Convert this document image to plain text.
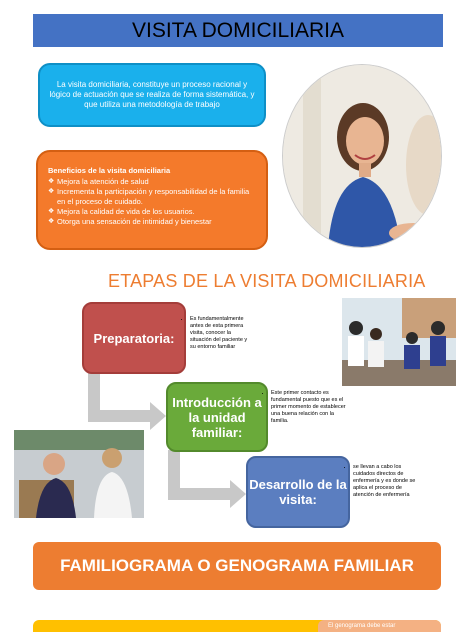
VISITA DOMICILIARIA
La visita domiciliaria, constituye un proceso racional y lógico de actuación que se realiza de forma sistemática, y que utiliza una metodología de trabajo
Beneficios de la visita domiciliaria
❖ Mejora la atención de salud
❖ Incrementa la participación y responsabilidad de la familia en el proceso de cuidado.
❖ Mejora la calidad de vida de los usuarios.
❖ Otorga una sensación de intimidad y bienestar
ETAPAS DE LA VISITA DOMICILIARIA
Preparatoria:
• Es fundamentalmente antes de esta primera visita, conocer la situación del paciente y su entorno familiar
Introducción a la unidad familiar:
• Este primer contacto es fundamental puesto que es el primer momento de establecer una buena relación con la familia.
Desarrollo de la visita:
• se llevan a cabo los cuidados directos de enfermería y es donde se aplica el proceso de atención de enfermería
FAMILIOGRAMA O GENOGRAMA FAMILIAR
El genograma debe estar
